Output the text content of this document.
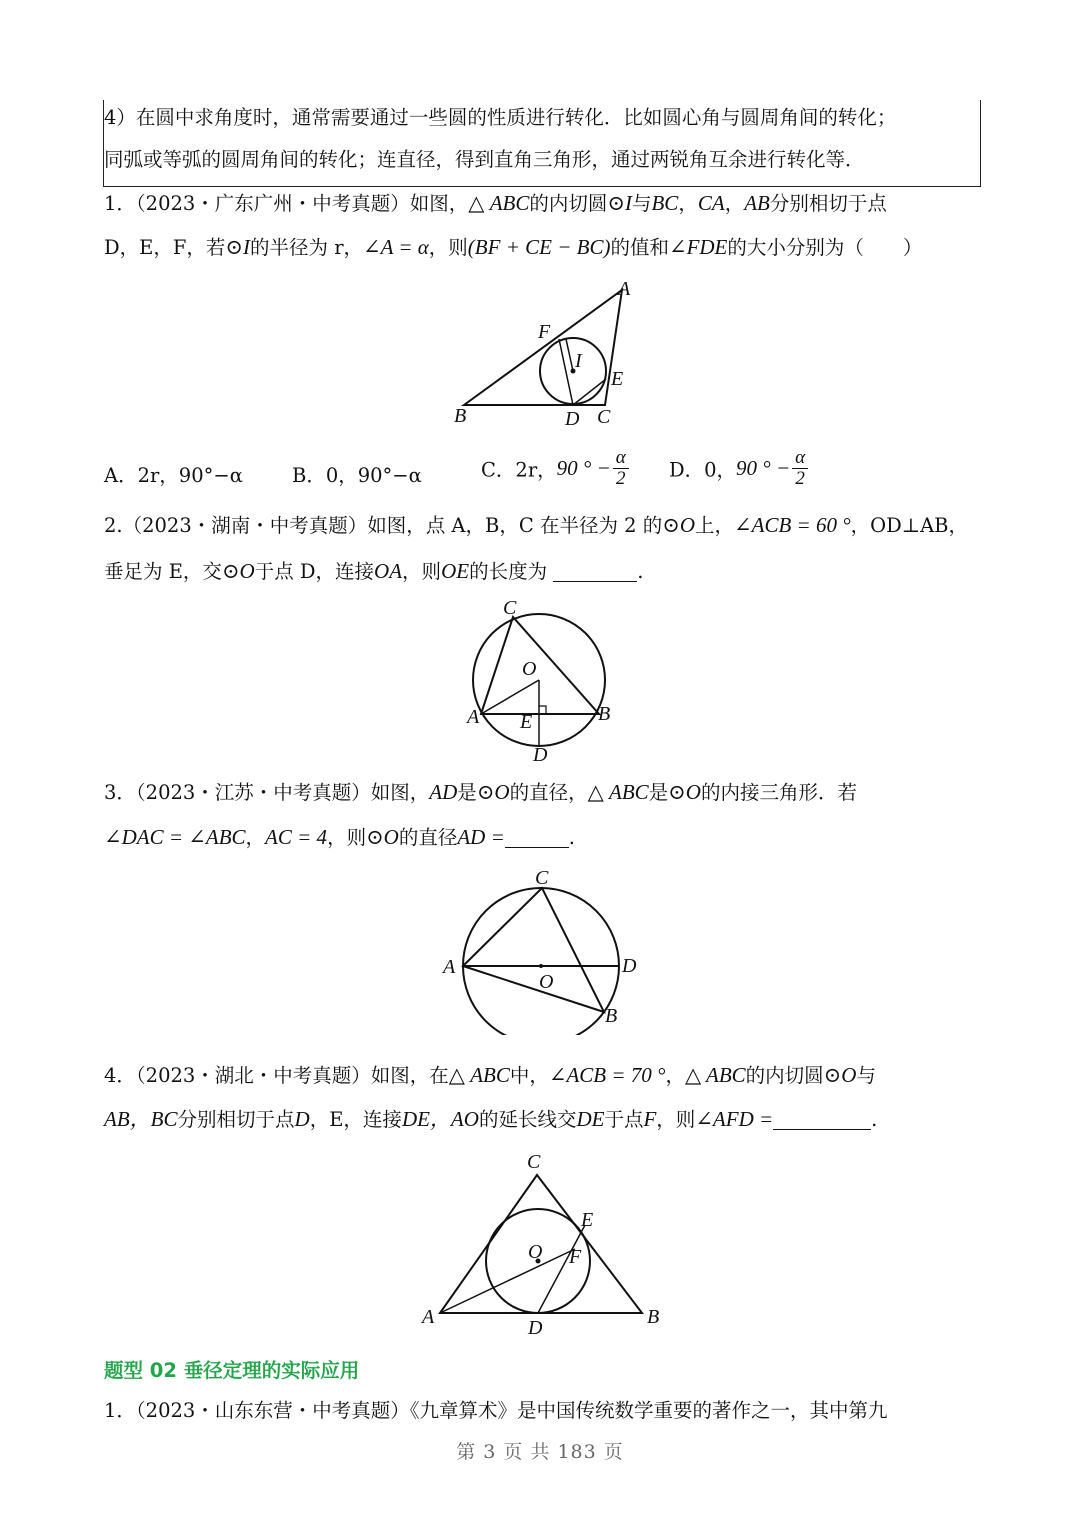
4）在圆中求角度时，通常需要通过一些圆的性质进行转化．比如圆心角与圆周角间的转化；
同弧或等弧的圆周角间的转化；连直径，得到直角三角形，通过两锐角互余进行转化等．
1．（2023・广东广州・中考真题）如图，△ ABC的内切圆⊙I与BC，CA，AB分别相切于点
D，E，F，若⊙I的半径为 r，∠A = α，则(BF + CE − BC)的值和∠FDE的大小分别为（　　）
A
F
I
E
B	D C
A．2r，90°−α	B．0，90°−α	C．2r，90 ° − $\frac{\alpha}{2}$ D．0，90 ° − $\frac{\alpha}{2}$
2.（2023・湖南・中考真题）如图，点 A，B，C 在半径为 2 的⊙O上，∠ACB = 60 °，OD⊥AB，
垂足为 E，交⊙O于点 D，连接OA，则OE的长度为	.
C
O
A E	B
D
3．（2023・江苏・中考真题）如图，AD是⊙O的直径，△ ABC是⊙O的内接三角形．若
∠DAC = ∠ABC，AC = 4，则⊙O的直径AD =	.
C
A	D
O
B
4．（2023・湖北・中考真题）如图，在△ ABC中，∠ACB = 70 °，△ ABC的内切圆⊙O与
AB，BC分别相切于点D，E，连接DE，AO的延长线交DE于点F，则∠AFD =	.
C
E
O F
A	D	B
题型 02 垂径定理的实际应用
1．（2023・山东东营・中考真题）《九章算术》是中国传统数学重要的著作之一，其中第九
第 3 页 共 183 页
